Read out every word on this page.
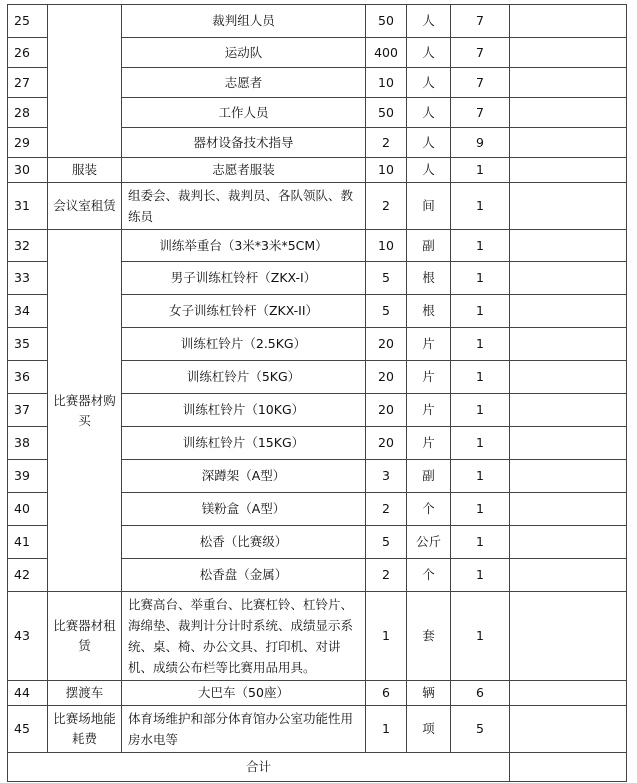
25		裁判组人员	50	人	7	
26		运动队	400	人	7	
27		志愿者	10	人	7	
28		工作人员	50	人	7	
29		器材设备技术指导	2	人	9	
30	服装	志愿者服装	10	人	1	
31	会议室租赁	组委会、裁判长、裁判员、各队领队、教练员	2	间	1	
32	比赛器材购买	训练举重台（3米*3米*5CM）	10	副	1	
33		男子训练杠铃杆（ZKX-I）	5	根	1	
34		女子训练杠铃杆（ZKX-II）	5	根	1	
35		训练杠铃片（2.5KG）	20	片	1	
36		训练杠铃片（5KG）	20	片	1	
37		训练杠铃片（10KG）	20	片	1	
38		训练杠铃片（15KG）	20	片	1	
39		深蹲架（A型）	3	副	1	
40		镁粉盒（A型）	2	个	1	
41		松香（比赛级）	5	公斤	1	
42		松香盘（金属）	2	个	1	
43	比赛器材租赁	比赛高台、举重台、比赛杠铃、杠铃片、海绵垫、裁判计分计时系统、成绩显示系统、桌、椅、办公文具、打印机、对讲机、成绩公布栏等比赛用品用具。	1	套	1	
44	摆渡车	大巴车（50座）	6	辆	6	
45	比赛场地能耗费	体育场维护和部分体育馆办公室功能性用房水电等	1	项	5	
合计						
